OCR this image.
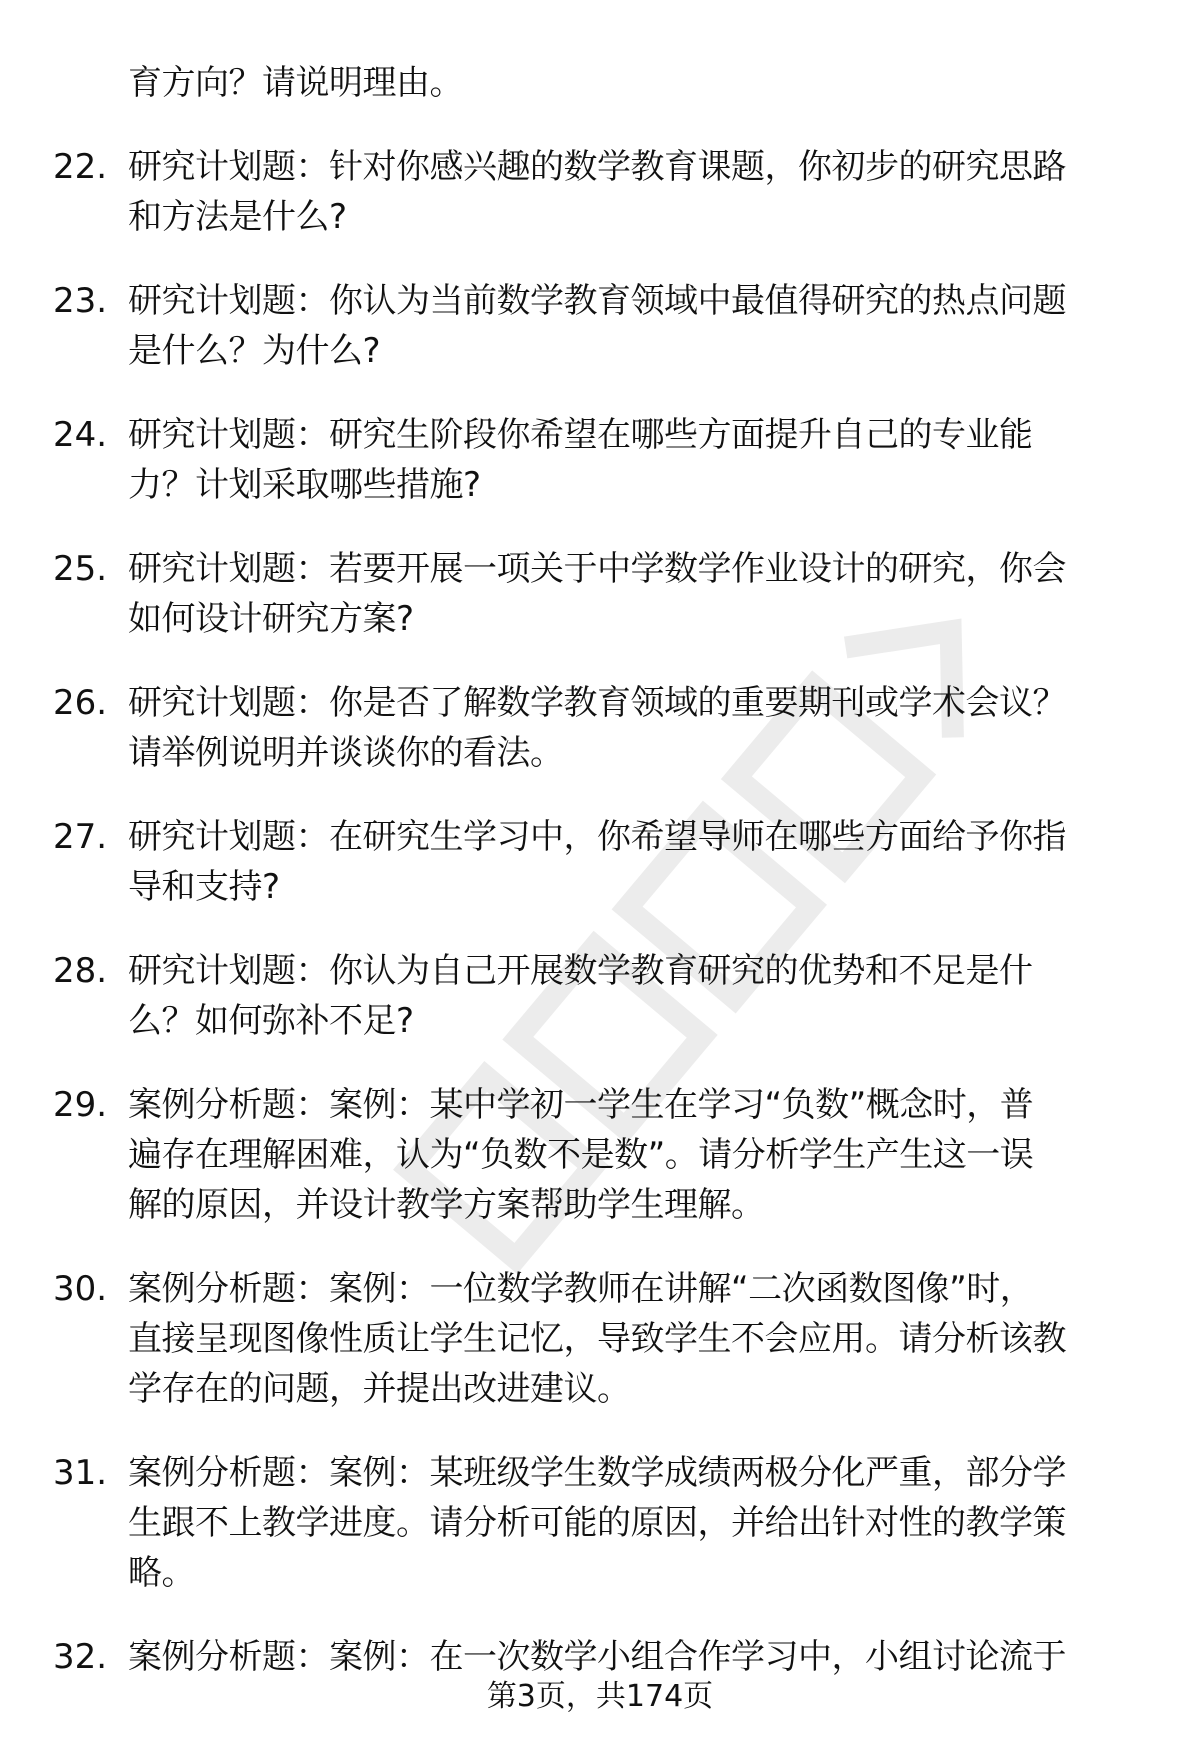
育方向？请说明理由。
22. 研究计划题：针对你感兴趣的数学教育课题，你初步的研究思路
和方法是什么?
23. 研究计划题：你认为当前数学教育领域中最值得研究的热点问题
是什么？为什么?
24. 研究计划题：研究生阶段你希望在哪些方面提升自己的专业能
力？计划采取哪些措施?
25. 研究计划题：若要开展一项关于中学数学作业设计的研究，你会
如何设计研究方案?
26. 研究计划题：你是否了解数学教育领域的重要期刊或学术会议？
请举例说明并谈谈你的看法。
27. 研究计划题：在研究生学习中，你希望导师在哪些方面给予你指
导和支持?
28. 研究计划题：你认为自己开展数学教育研究的优势和不足是什
么？如何弥补不足?
29. 案例分析题：案例：某中学初一学生在学习“负数”概念时，普
遍存在理解困难，认为“负数不是数”。请分析学生产生这一误
解的原因，并设计教学方案帮助学生理解。
30. 案例分析题：案例：一位数学教师在讲解“二次函数图像”时，
直接呈现图像性质让学生记忆，导致学生不会应用。请分析该教
学存在的问题，并提出改进建议。
31. 案例分析题：案例：某班级学生数学成绩两极分化严重，部分学
生跟不上教学进度。请分析可能的原因，并给出针对性的教学策
略。
32. 案例分析题：案例：在一次数学小组合作学习中，小组讨论流于
第3页，共174页
